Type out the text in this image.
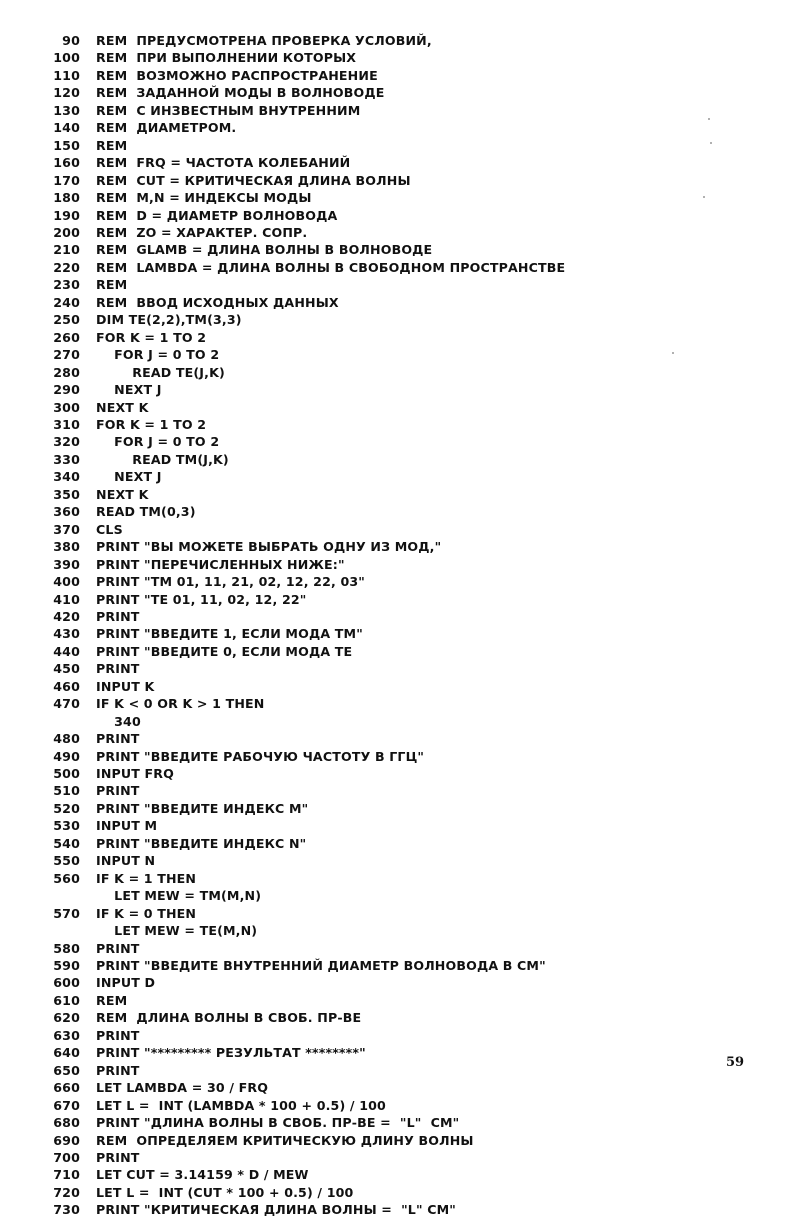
90 REM  ПРЕДУСМОТРЕНА ПРОВЕРКА УСЛОВИЙ,
100 REM  ПРИ ВЫПОЛНЕНИИ КОТОРЫХ
110 REM  ВОЗМОЖНО РАСПРОСТРАНЕНИЕ
120 REM  ЗАДАННОЙ МОДЫ В ВОЛНОВОДЕ
130 REM  С ИНЗВЕСТНЫМ ВНУТРЕННИМ
140 REM  ДИАМЕТРОМ.
150 REM
160 REM  FRQ = ЧАСТОТА КОЛЕБАНИЙ
170 REM  CUT = КРИТИЧЕСКАЯ ДЛИНА ВОЛНЫ
180 REM  M,N = ИНДЕКСЫ МОДЫ
190 REM  D = ДИАМЕТР ВОЛНОВОДА
200 REM  ZO = ХАРАКТЕР. СОПР.
210 REM  GLAMB = ДЛИНА ВОЛНЫ В ВОЛНОВОДЕ
220 REM  LAMBDA = ДЛИНА ВОЛНЫ В СВОБОДНОМ ПРОСТРАНСТВЕ
230 REM
240 REM  ВВОД ИСХОДНЫХ ДАННЫХ
250 DIM TE(2,2),TM(3,3)
260 FOR K = 1 TO 2
270    FOR J = 0 TO 2
280        READ TE(J,K)
290    NEXT J
300 NEXT K
310 FOR K = 1 TO 2
320    FOR J = 0 TO 2
330        READ TM(J,K)
340    NEXT J
350 NEXT K
360 READ TM(0,3)
370 CLS
380 PRINT "ВЫ МОЖЕТЕ ВЫБРАТЬ ОДНУ ИЗ МОД,"
390 PRINT "ПЕРЕЧИСЛЕННЫХ НИЖЕ:"
400 PRINT "TM 01, 11, 21, 02, 12, 22, 03"
410 PRINT "TE 01, 11, 02, 12, 22"
420 PRINT
430 PRINT "ВВЕДИТЕ 1, ЕСЛИ МОДА TM"
440 PRINT "ВВЕДИТЕ 0, ЕСЛИ МОДА TE
450 PRINT
460 INPUT K
470 IF K < 0 OR K > 1 THEN
340
480 PRINT
490 PRINT "ВВЕДИТЕ РАБОЧУЮ ЧАСТОТУ В ГГЦ"
500 INPUT FRQ
510 PRINT
520 PRINT "ВВЕДИТЕ ИНДЕКС M"
530 INPUT M
540 PRINT "ВВЕДИТЕ ИНДЕКС N"
550 INPUT N
560 IF K = 1 THEN
LET MEW = TM(M,N)
570 IF K = 0 THEN
LET MEW = TE(M,N)
580 PRINT
590 PRINT "ВВЕДИТЕ ВНУТРЕННИЙ ДИАМЕТР ВОЛНОВОДА В СМ"
600 INPUT D
610 REM
620 REM  ДЛИНА ВОЛНЫ В СВОБ. ПР-ВЕ
630 PRINT
640 PRINT "********* РЕЗУЛЬТАТ ********"
650 PRINT
660 LET LAMBDA = 30 / FRQ
670 LET L =  INT (LAMBDA * 100 + 0.5) / 100
680 PRINT "ДЛИНА ВОЛНЫ В СВОБ. ПР-ВЕ =  "L"  СМ"
690 REM  ОПРЕДЕЛЯЕМ КРИТИЧЕСКУЮ ДЛИНУ ВОЛНЫ
700 PRINT
710 LET CUT = 3.14159 * D / MEW
720 LET L =  INT (CUT * 100 + 0.5) / 100
730 PRINT "КРИТИЧЕСКАЯ ДЛИНА ВОЛНЫ =  "L" СМ"
59
